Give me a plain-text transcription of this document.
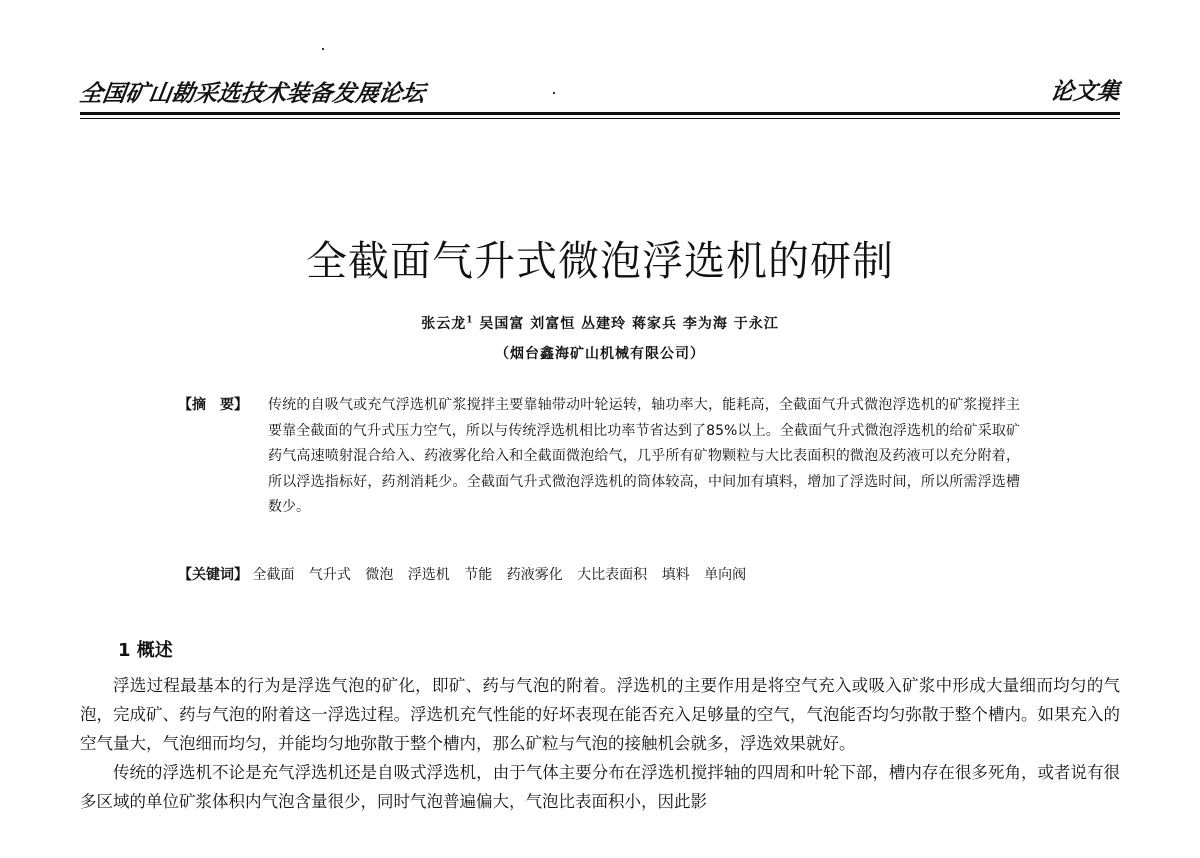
全国矿山勘采选技术装备发展论坛	论文集
全截面气升式微泡浮选机的研制
张云龙$^1$ 吴国富 刘富恒 丛建玲 蒋家兵 李为海 于永江
（烟台鑫海矿山机械有限公司）
【摘　要】	传统的自吸气或充气浮选机矿浆搅拌主要靠轴带动叶轮运转，轴功率大，能耗高，全截面气升式微泡浮选机的矿浆搅拌主要靠全截面的气升式压力空气，所以与传统浮选机相比功率节省达到了85%以上。全截面气升式微泡浮选机的给矿采取矿药气高速喷射混合给入、药液雾化给入和全截面微泡给气，几乎所有矿物颗粒与大比表面积的微泡及药液可以充分附着，所以浮选指标好，药剂消耗少。全截面气升式微泡浮选机的筒体较高，中间加有填料，增加了浮选时间，所以所需浮选槽数少。
【关键词】 全截面 气升式 微泡 浮选机 节能 药液雾化 大比表面积 填料 单向阀
1 概述

浮选过程最基本的行为是浮选气泡的矿化，即矿、药与气泡的附着。浮选机的主要作用是将空气充入或吸入矿浆中形成大量细而均匀的气泡，完成矿、药与气泡的附着这一浮选过程。浮选机充气性能的好坏表现在能否充入足够量的空气，气泡能否均匀弥散于整个槽内。如果充入的空气量大，气泡细而均匀，并能均匀地弥散于整个槽内，那么矿粒与气泡的接触机会就多，浮选效果就好。

传统的浮选机不论是充气浮选机还是自吸式浮选机，由于气体主要分布在浮选机搅拌轴的四周和叶轮下部，槽内存在很多死角，或者说有很多区域的单位矿浆体积内气泡含量很少，同时气泡普遍偏大，气泡比表面积小，因此影
